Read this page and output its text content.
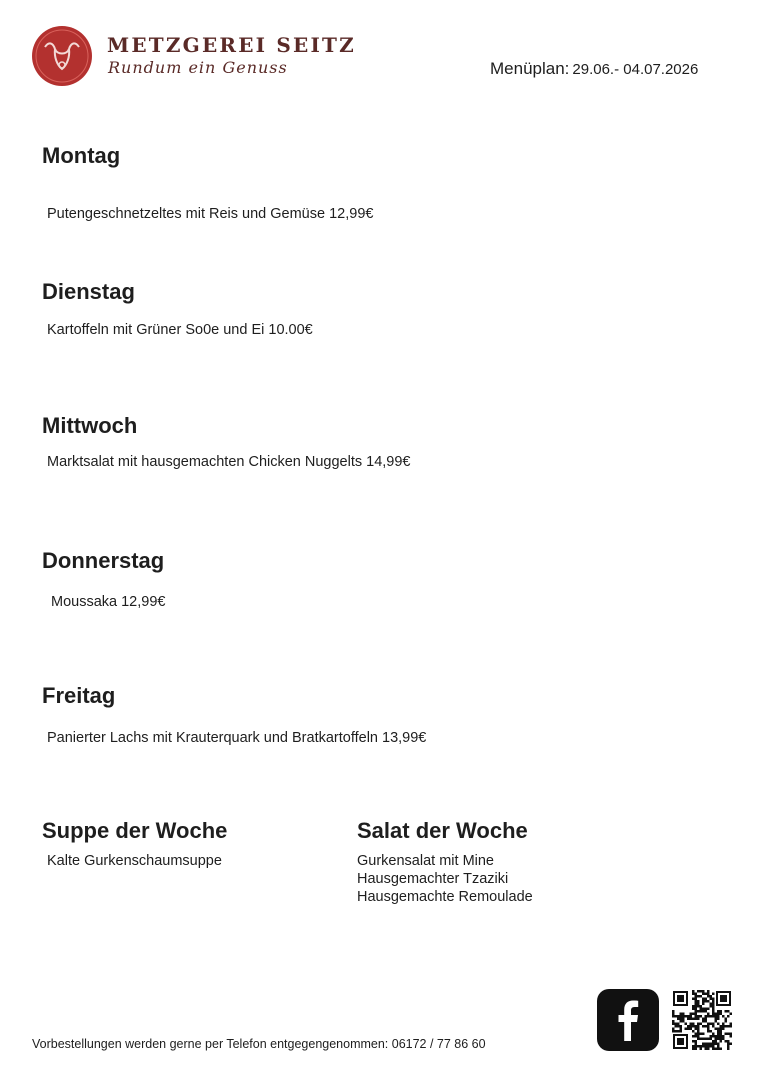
METZGEREI SEITZ
Rundum ein Genuss	Menüplan: 29.06.- 04.07.2026
Montag
Putengeschnetzeltes mit Reis und Gemüse 12,99€
Dienstag
Kartoffeln mit Grüner So0e und Ei 10.00€
Mittwoch
Marktsalat mit hausgemachten Chicken Nuggelts 14,99€
Donnerstag
Moussaka 12,99€
Freitag
Panierter Lachs mit Krauterquark und Bratkartoffeln 13,99€
Suppe der Woche
Kalte Gurkenschaumsuppe
Salat der Woche
Gurkensalat mit Mine
Hausgemachter Tzaziki
Hausgemachte Remoulade
Vorbestellungen werden gerne per Telefon entgegengenommen: 06172 / 77 86 60
